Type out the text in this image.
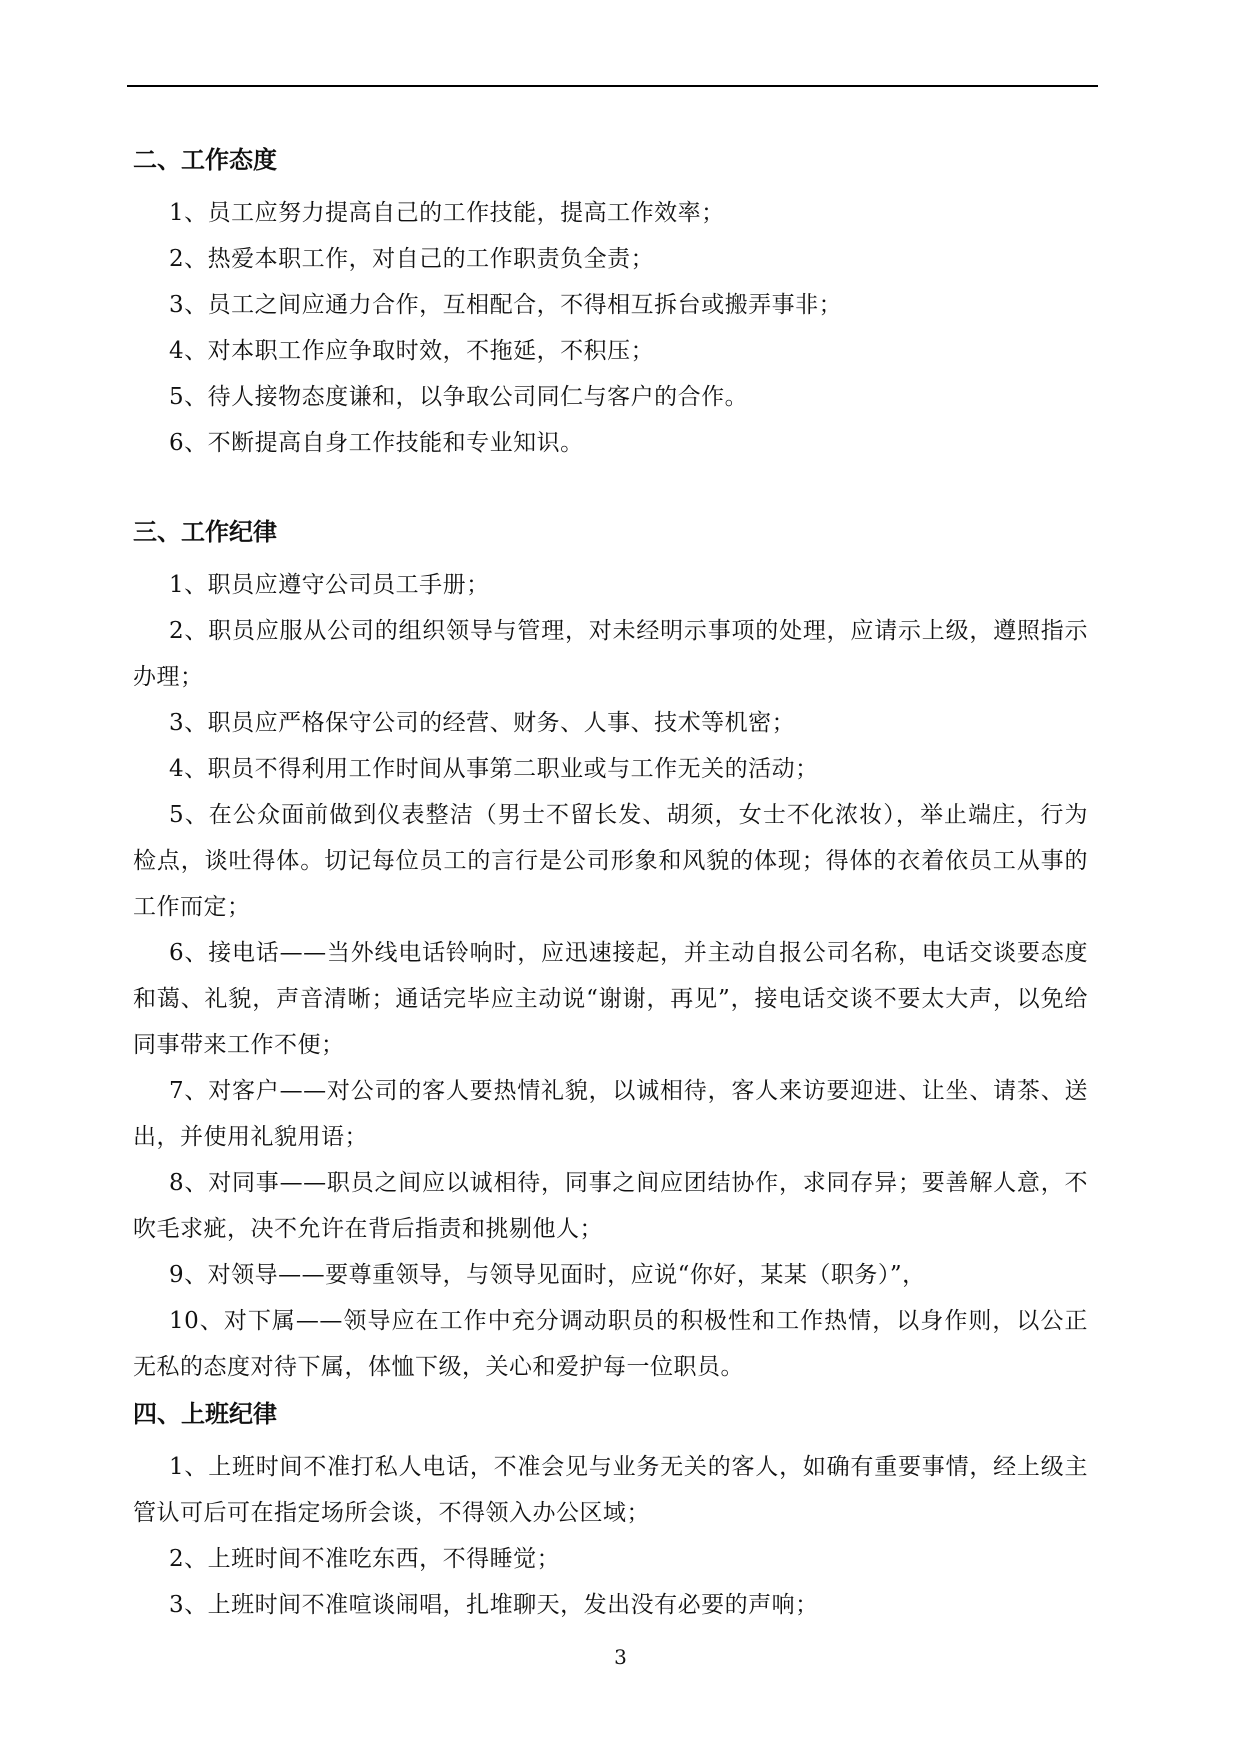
二、工作态度

1、员工应努力提高自己的工作技能，提高工作效率；

2、热爱本职工作，对自己的工作职责负全责；

3、员工之间应通力合作，互相配合，不得相互拆台或搬弄事非；

4、对本职工作应争取时效，不拖延，不积压；

5、待人接物态度谦和，以争取公司同仁与客户的合作。

6、不断提高自身工作技能和专业知识。

三、工作纪律

1、职员应遵守公司员工手册；

2、职员应服从公司的组织领导与管理，对未经明示事项的处理，应请示上级，遵照指示办理；

3、职员应严格保守公司的经营、财务、人事、技术等机密；

4、职员不得利用工作时间从事第二职业或与工作无关的活动；

5、在公众面前做到仪表整洁（男士不留长发、胡须，女士不化浓妆），举止端庄，行为检点，谈吐得体。切记每位员工的言行是公司形象和风貌的体现；得体的衣着依员工从事的工作而定；

6、接电话——当外线电话铃响时，应迅速接起，并主动自报公司名称，电话交谈要态度和蔼、礼貌，声音清晰；通话完毕应主动说“谢谢，再见”，接电话交谈不要太大声，以免给同事带来工作不便；

7、对客户——对公司的客人要热情礼貌，以诚相待，客人来访要迎进、让坐、请茶、送出，并使用礼貌用语；

8、对同事——职员之间应以诚相待，同事之间应团结协作，求同存异；要善解人意，不吹毛求疵，决不允许在背后指责和挑剔他人；

9、对领导——要尊重领导，与领导见面时，应说“你好，某某（职务）”，

10、对下属——领导应在工作中充分调动职员的积极性和工作热情，以身作则，以公正无私的态度对待下属，体恤下级，关心和爱护每一位职员。

四、上班纪律

1、上班时间不准打私人电话，不准会见与业务无关的客人，如确有重要事情，经上级主管认可后可在指定场所会谈，不得领入办公区域；

2、上班时间不准吃东西，不得睡觉；

3、上班时间不准喧谈闹唱，扎堆聊天，发出没有必要的声响；

3
